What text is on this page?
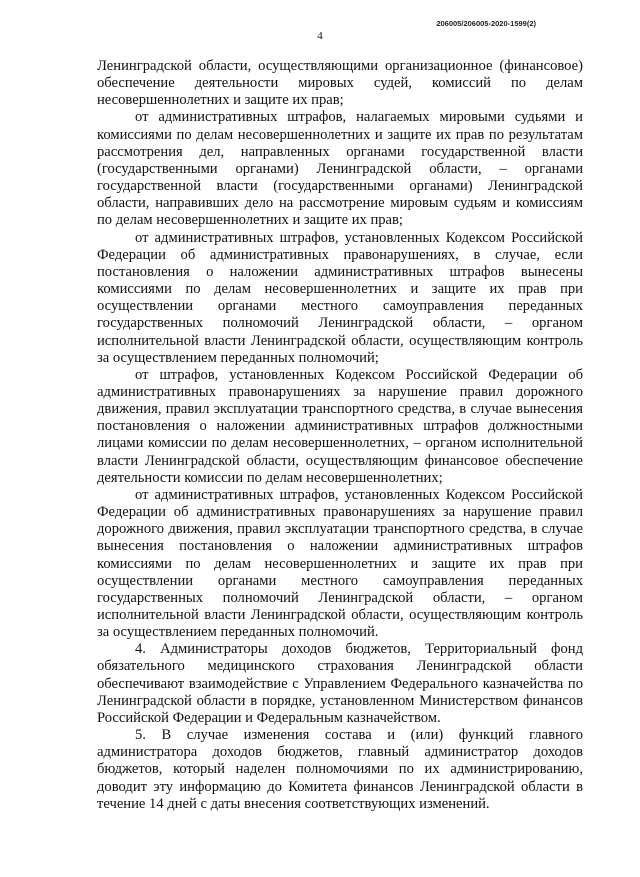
4
206005/206005-2020-1599(2)

Ленинградской области, осуществляющими организационное (финансовое) обеспечение деятельности мировых судей, комиссий по делам несовершеннолетних и защите их прав;

от административных штрафов, налагаемых мировыми судьями и комиссиями по делам несовершеннолетних и защите их прав по результатам рассмотрения дел, направленных органами государственной власти (государственными органами) Ленинградской области, – органами государственной власти (государственными органами) Ленинградской области, направивших дело на рассмотрение мировым судьям и комиссиям по делам несовершеннолетних и защите их прав;

от административных штрафов, установленных Кодексом Российской Федерации об административных правонарушениях, в случае, если постановления о наложении административных штрафов вынесены комиссиями по делам несовершеннолетних и защите их прав при осуществлении органами местного самоуправления переданных государственных полномочий Ленинградской области, – органом исполнительной власти Ленинградской области, осуществляющим контроль за осуществлением переданных полномочий;

от штрафов, установленных Кодексом Российской Федерации об административных правонарушениях за нарушение правил дорожного движения, правил эксплуатации транспортного средства, в случае вынесения постановления о наложении административных штрафов должностными лицами комиссии по делам несовершеннолетних, – органом исполнительной власти Ленинградской области, осуществляющим финансовое обеспечение деятельности комиссии по делам несовершеннолетних;

от административных штрафов, установленных Кодексом Российской Федерации об административных правонарушениях за нарушение правил дорожного движения, правил эксплуатации транспортного средства, в случае вынесения постановления о наложении административных штрафов комиссиями по делам несовершеннолетних и защите их прав при осуществлении органами местного самоуправления переданных государственных полномочий Ленинградской области, – органом исполнительной власти Ленинградской области, осуществляющим контроль за осуществлением переданных полномочий.

4. Администраторы доходов бюджетов, Территориальный фонд обязательного медицинского страхования Ленинградской области обеспечивают взаимодействие с Управлением Федерального казначейства по Ленинградской области в порядке, установленном Министерством финансов Российской Федерации и Федеральным казначейством.

5. В случае изменения состава и (или) функций главного администратора доходов бюджетов, главный администратор доходов бюджетов, который наделен полномочиями по их администрированию, доводит эту информацию до Комитета финансов Ленинградской области в течение 14 дней с даты внесения соответствующих изменений.
